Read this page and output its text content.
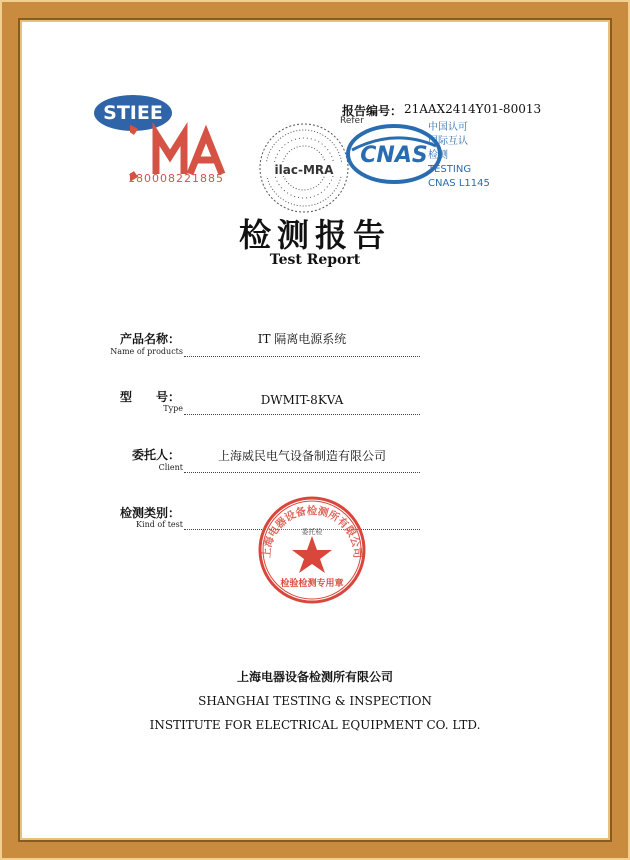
STIEE
180008221885
报告编号： 21AAX2414Y01-80013
Refer
ilac-MRA
CNAS
中国认可
国际互认
检测
TESTING
CNAS L1145
检测报告
Test Report
产品名称：
Name of products
IT 隔离电源系统
型　　号：
Type
DWMIT-8KVA
委托人：
Client
上海威民电气设备制造有限公司
检测类别：
Kind of test
上海电器设备检测所有限公司
委托检
检验检测专用章
上海电器设备检测所有限公司
SHANGHAI TESTING & INSPECTION
INSTITUTE FOR ELECTRICAL EQUIPMENT CO. LTD.
